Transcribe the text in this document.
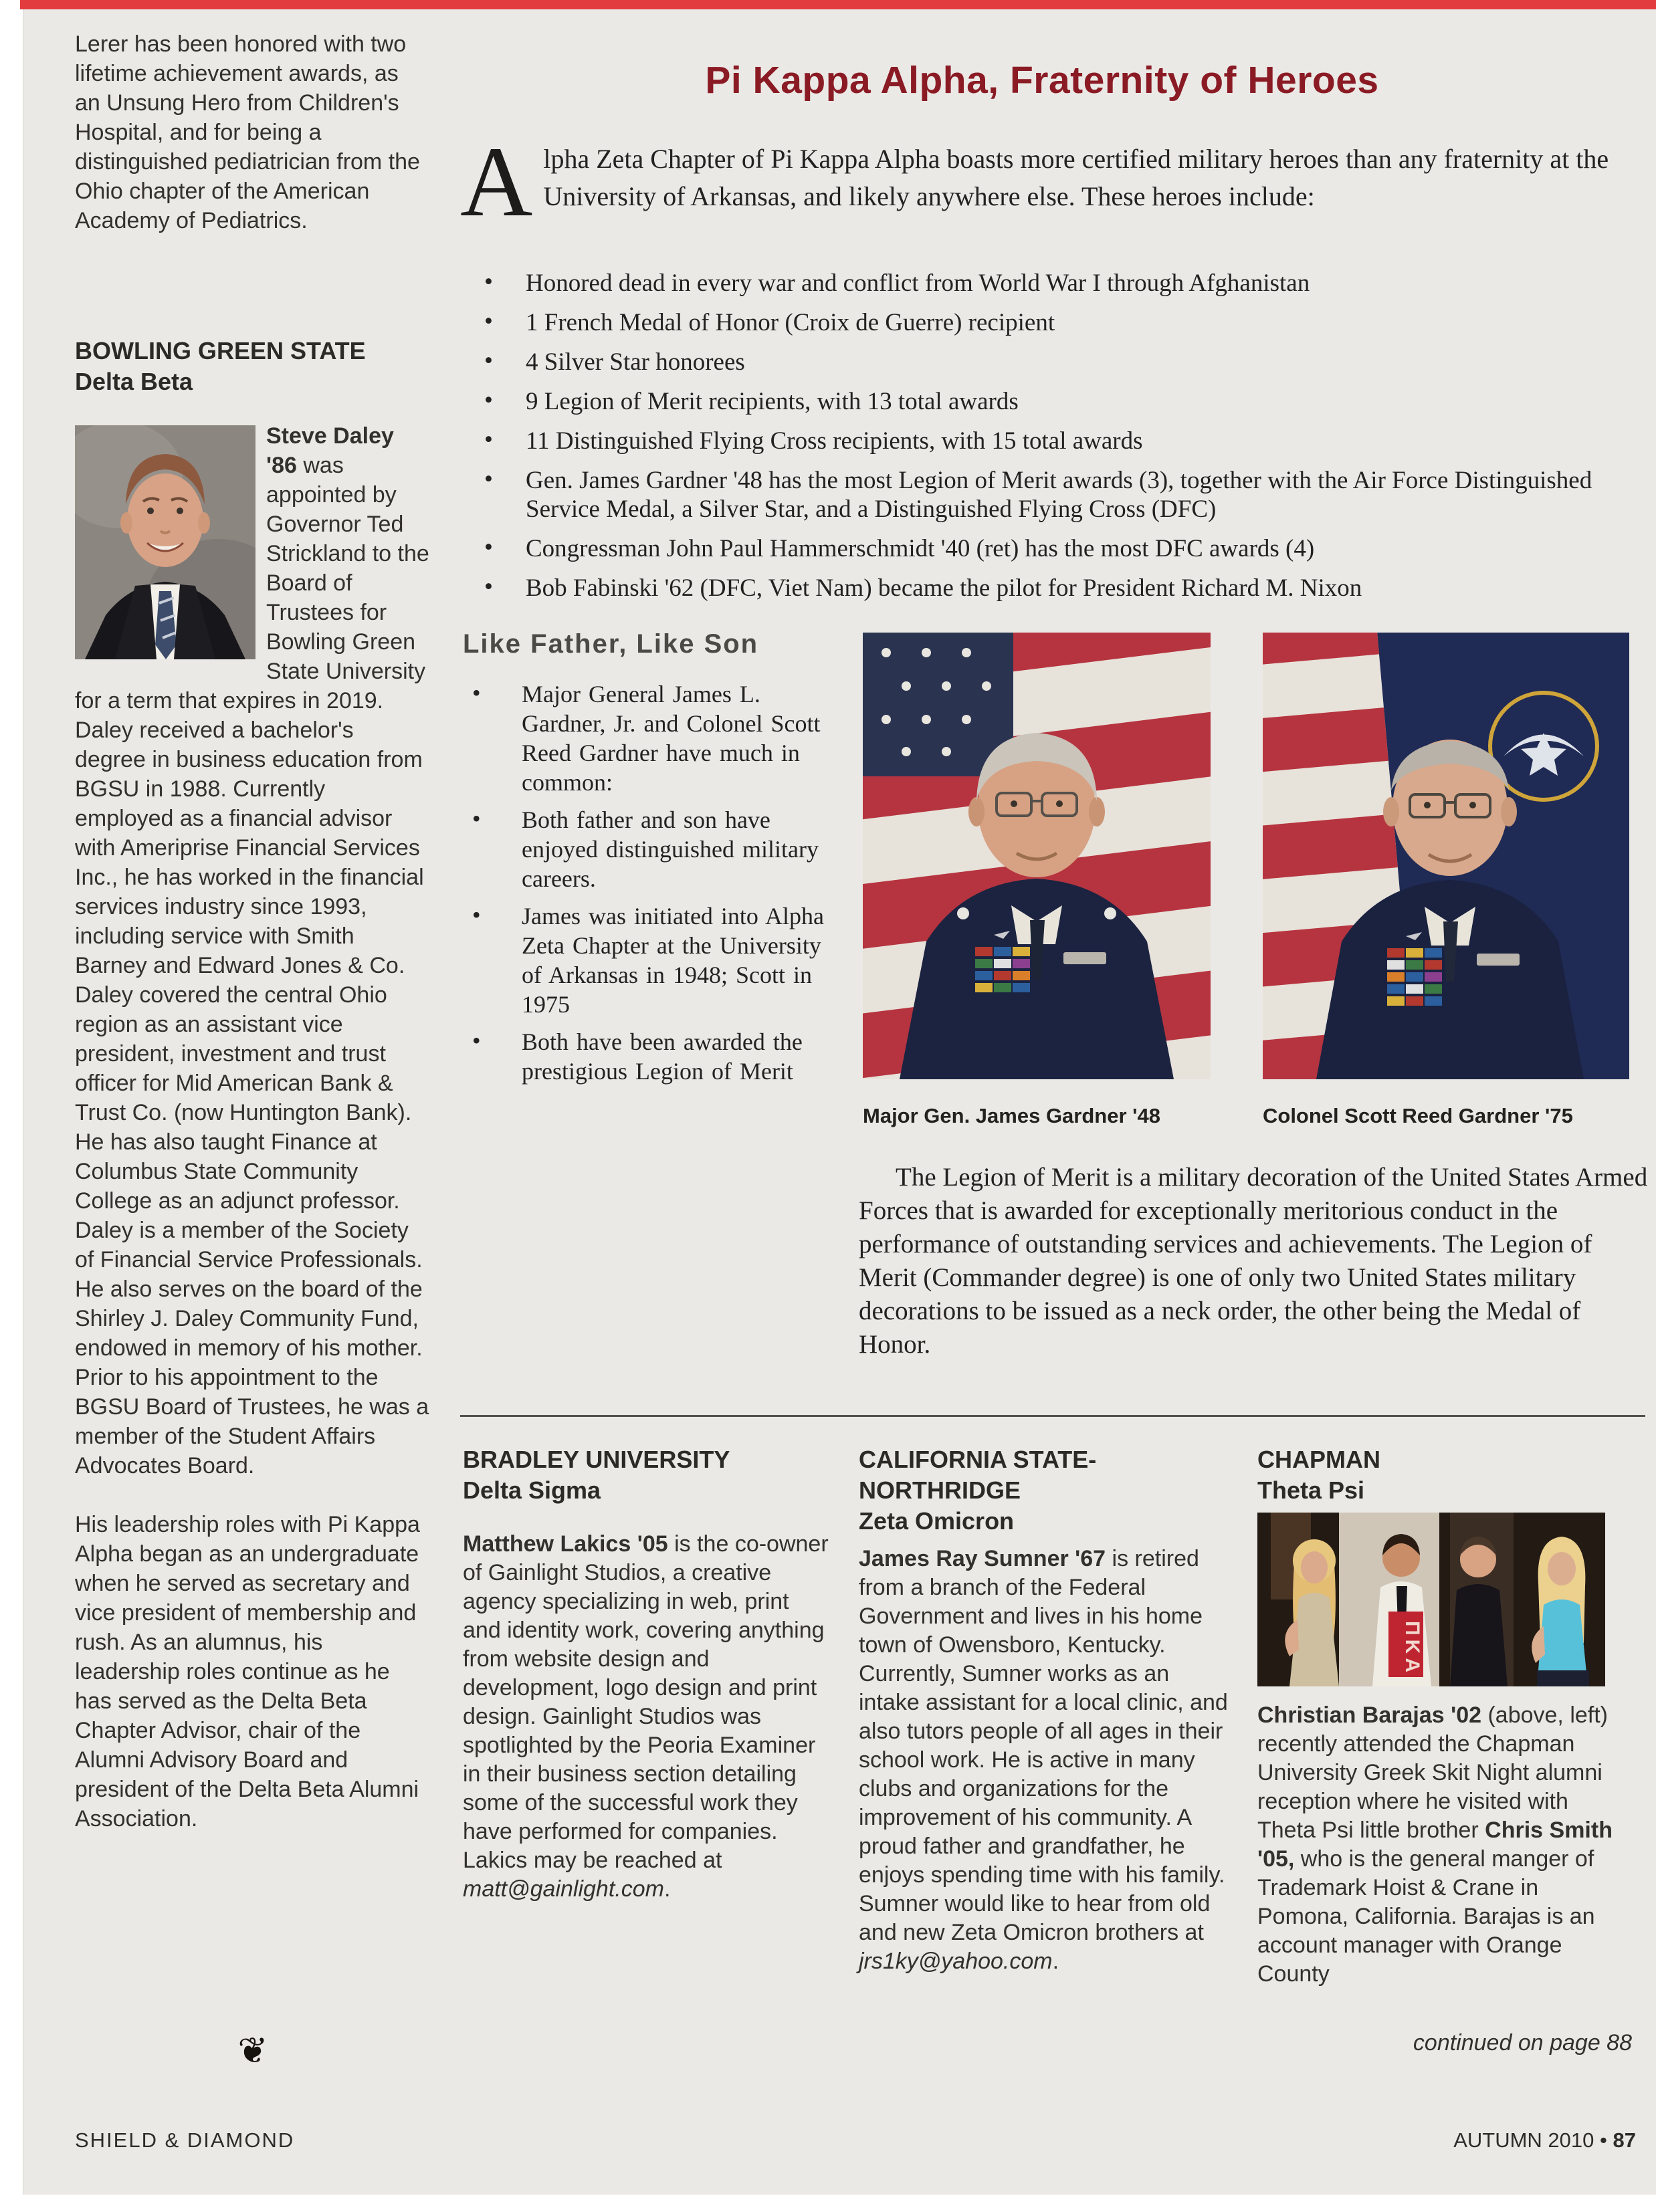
Lerer has been honored with two lifetime achievement awards, as an Unsung Hero from Children's Hospital, and for being a distinguished pediatrician from the Ohio chapter of the American Academy of Pediatrics.

BOWLING GREEN STATE
Delta Beta
Steve Daley '86 was appointed by Governor Ted Strickland to the Board of Trustees for Bowling Green State University for a term that expires in 2019. Daley received a bachelor's degree in business education from BGSU in 1988. Currently employed as a financial advisor with Ameriprise Financial Services Inc., he has worked in the financial services industry since 1993, including service with Smith Barney and Edward Jones & Co. Daley covered the central Ohio region as an assistant vice president, investment and trust officer for Mid American Bank & Trust Co. (now Huntington Bank). He has also taught Finance at Columbus State Community College as an adjunct professor. Daley is a member of the Society of Financial Service Professionals. He also serves on the board of the Shirley J. Daley Community Fund, endowed in memory of his mother. Prior to his appointment to the BGSU Board of Trustees, he was a member of the Student Affairs Advocates Board.

His leadership roles with Pi Kappa Alpha began as an undergraduate when he served as secretary and vice president of membership and rush. As an alumnus, his leadership roles continue as he has served as the Delta Beta Chapter Advisor, chair of the Alumni Advisory Board and president of the Delta Beta Alumni Association.

❦
Pi Kappa Alpha, Fraternity of Heroes
A lpha Zeta Chapter of Pi Kappa Alpha boasts more certified military heroes than any fraternity at the University of Arkansas, and likely anywhere else. These heroes include:
• Honored dead in every war and conflict from World War I through Afghanistan
• 1 French Medal of Honor (Croix de Guerre) recipient
• 4 Silver Star honorees
• 9 Legion of Merit recipients, with 13 total awards
• 11 Distinguished Flying Cross recipients, with 15 total awards
• Gen. James Gardner '48 has the most Legion of Merit awards (3), together with the Air Force Distinguished Service Medal, a Silver Star, and a Distinguished Flying Cross (DFC)
• Congressman John Paul Hammerschmidt '40 (ret) has the most DFC awards (4)
• Bob Fabinski '62 (DFC, Viet Nam) became the pilot for President Richard M. Nixon
Like Father, Like Son
• Major General James L. Gardner, Jr. and Colonel Scott Reed Gardner have much in common:
• Both father and son have enjoyed distinguished military careers.
• James was initiated into Alpha Zeta Chapter at the University of Arkansas in 1948; Scott in 1975
• Both have been awarded the prestigious Legion of Merit
Major Gen. James Gardner '48	Colonel Scott Reed Gardner '75

The Legion of Merit is a military decoration of the United States Armed Forces that is awarded for exceptionally meritorious conduct in the performance of outstanding services and achievements. The Legion of Merit (Commander degree) is one of only two United States military decorations to be issued as a neck order, the other being the Medal of Honor.

BRADLEY UNIVERSITY
Delta Sigma

Matthew Lakics '05 is the co-owner of Gainlight Studios, a creative agency specializing in web, print and identity work, covering anything from website design and development, logo design and print design. Gainlight Studios was spotlighted by the Peoria Examiner in their business section detailing some of the successful work they have performed for companies. Lakics may be reached at matt@gainlight.com.

CALIFORNIA STATE-NORTHRIDGE
Zeta Omicron

James Ray Sumner '67 is retired from a branch of the Federal Government and lives in his home town of Owensboro, Kentucky. Currently, Sumner works as an intake assistant for a local clinic, and also tutors people of all ages in their school work. He is active in many clubs and organizations for the improvement of his community. A proud father and grandfather, he enjoys spending time with his family. Sumner would like to hear from old and new Zeta Omicron brothers at jrs1ky@yahoo.com.

CHAPMAN
Theta Psi
ΠΚΑ

Christian Barajas '02 (above, left) recently attended the Chapman University Greek Skit Night alumni reception where he visited with Theta Psi little brother Chris Smith '05, who is the general manger of Trademark Hoist & Crane in Pomona, California. Barajas is an account manager with Orange County

continued on page 88

SHIELD & DIAMOND	AUTUMN 2010 • 87
